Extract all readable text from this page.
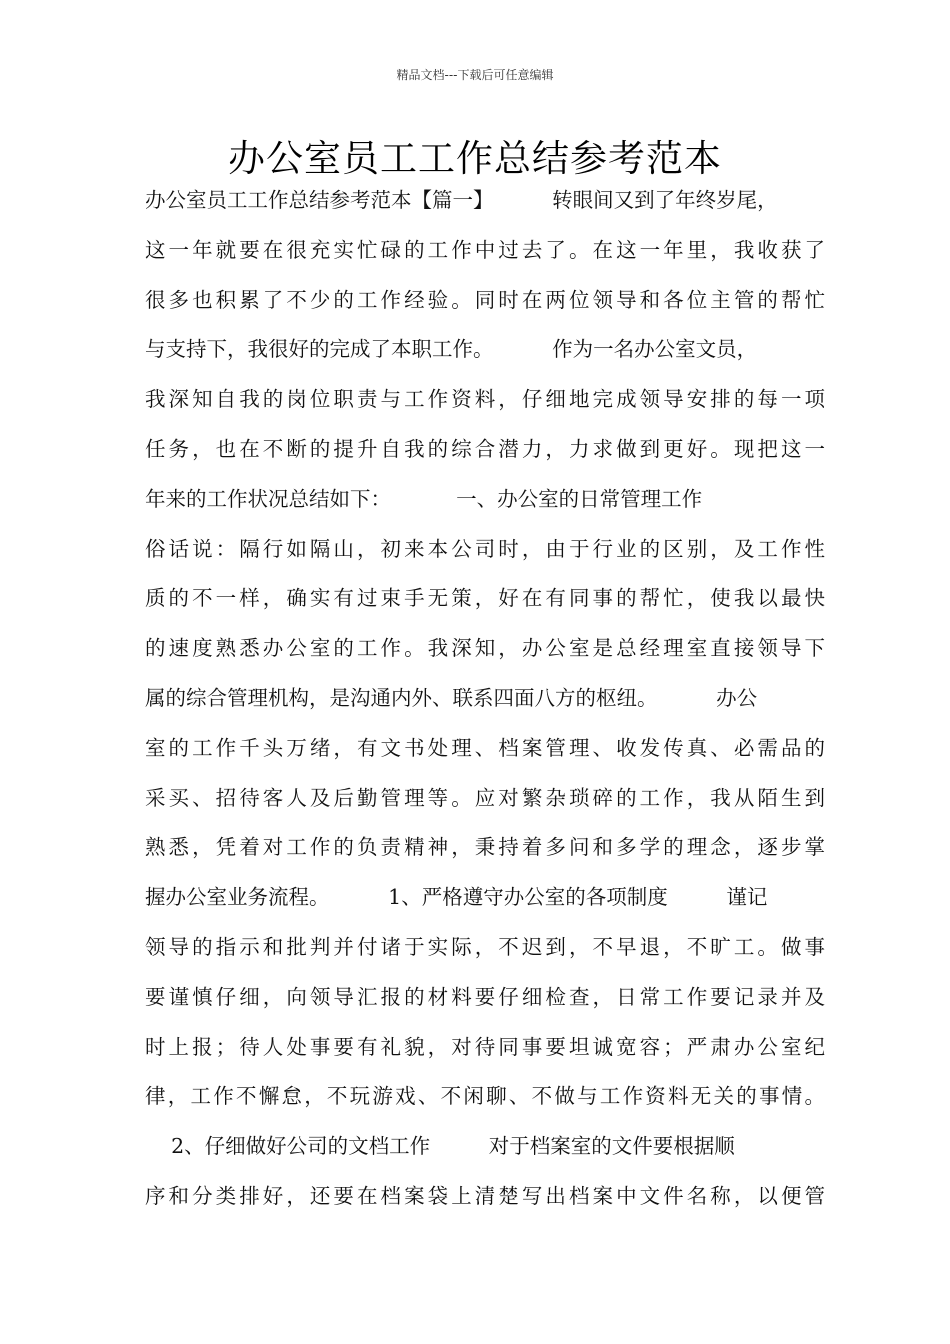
精品文档---下载后可任意编辑
办公室员工工作总结参考范本
办公室员工工作总结参考范本【篇一】         转眼间又到了年终岁尾，
这一年就要在很充实忙碌的工作中过去了。在这一年里，我收获了
很多也积累了不少的工作经验。同时在两位领导和各位主管的帮忙
与支持下，我很好的完成了本职工作。         作为一名办公室文员，
我深知自我的岗位职责与工作资料，仔细地完成领导安排的每一项
任务，也在不断的提升自我的综合潜力，力求做到更好。现把这一
年来的工作状况总结如下：          一、办公室的日常管理工作
俗话说：隔行如隔山，初来本公司时，由于行业的区别，及工作性
质的不一样，确实有过束手无策，好在有同事的帮忙，使我以最快
的速度熟悉办公室的工作。我深知，办公室是总经理室直接领导下
属的综合管理机构，是沟通内外、联系四面八方的枢纽。         办公
室的工作千头万绪，有文书处理、档案管理、收发传真、必需品的
采买、招待客人及后勤管理等。应对繁杂琐碎的工作，我从陌生到
熟悉，凭着对工作的负责精神，秉持着多问和多学的理念，逐步掌
握办公室业务流程。         1、严格遵守办公室的各项制度         谨记
领导的指示和批判并付诸于实际，不迟到，不早退，不旷工。做事
要谨慎仔细，向领导汇报的材料要仔细检查，日常工作要记录并及
时上报；待人处事要有礼貌，对待同事要坦诚宽容；严肃办公室纪
律，工作不懈怠，不玩游戏、不闲聊、不做与工作资料无关的事情。
2、仔细做好公司的文档工作         对于档案室的文件要根据顺
序和分类排好，还要在档案袋上清楚写出档案中文件名称，以便管
